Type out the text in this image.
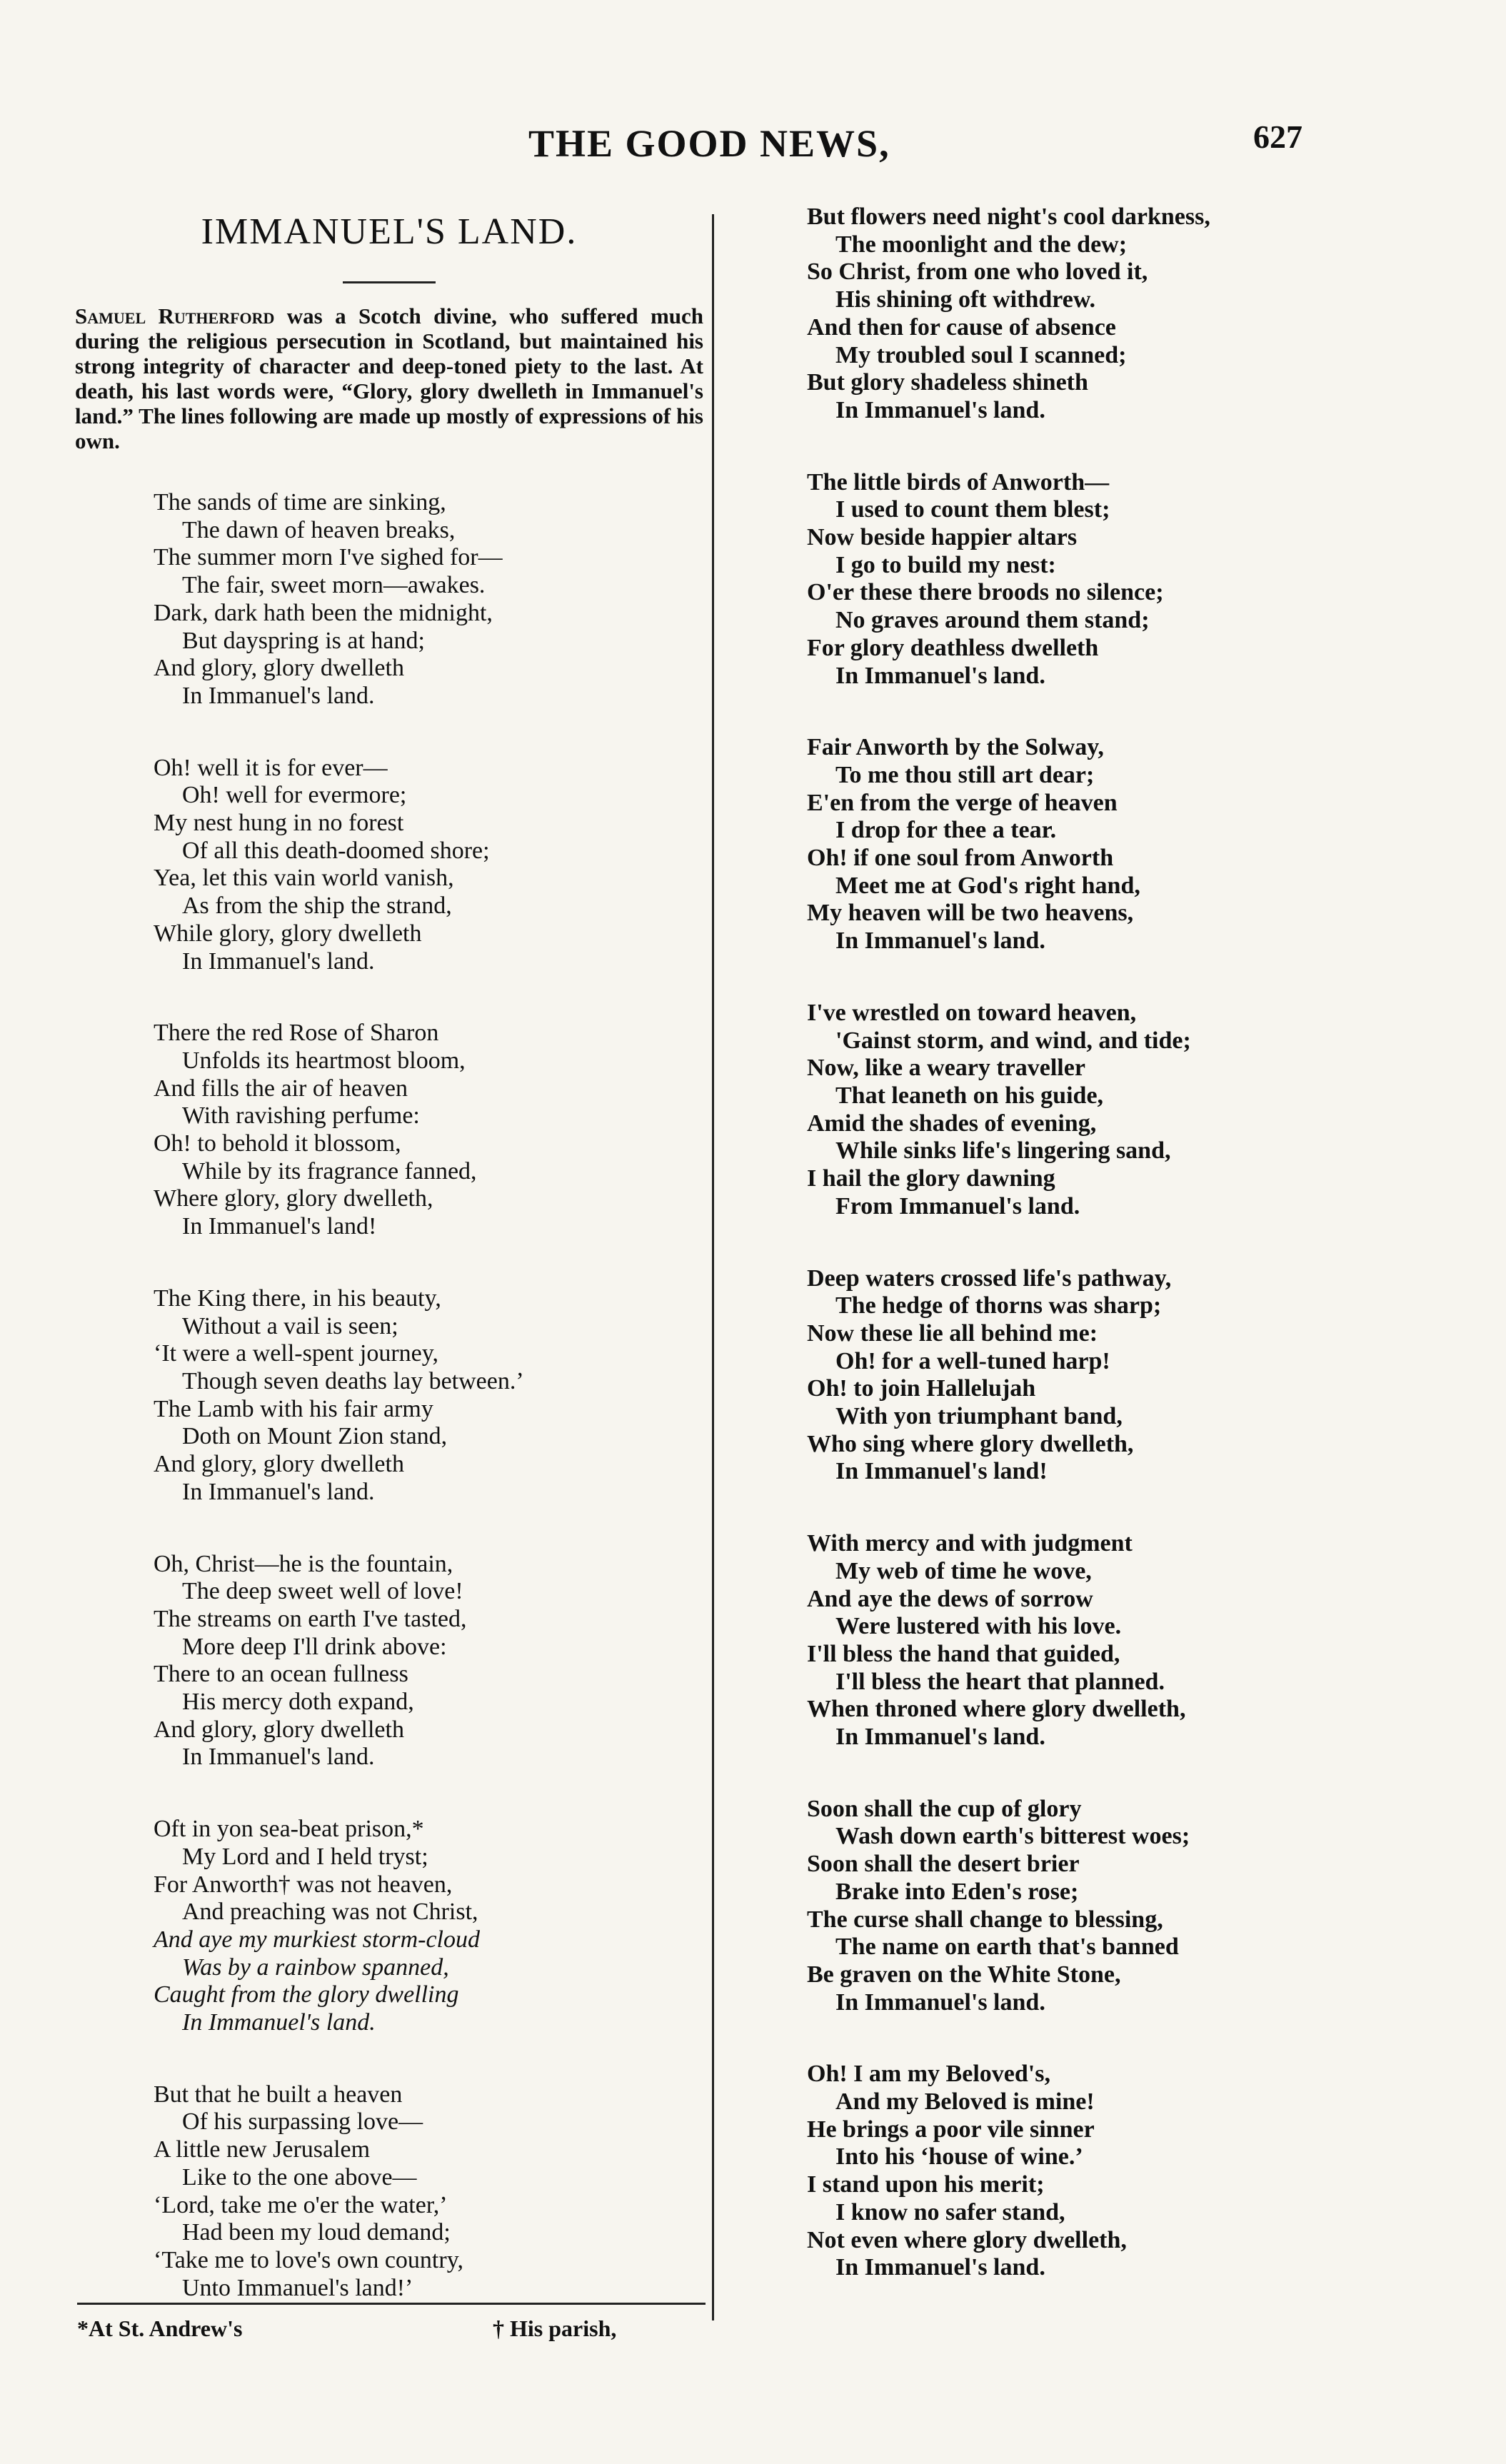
THE GOOD NEWS,	627
IMMANUEL'S LAND.

Samuel Rutherford was a Scotch divine, who suffered much during the religious persecution in Scotland, but maintained his strong integrity of character and deep-toned piety to the last. At death, his last words were, “Glory, glory dwelleth in Immanuel's land.” The lines following are made up mostly of expressions of his own.

The sands of time are sinking,
The dawn of heaven breaks,
The summer morn I've sighed for—
The fair, sweet morn—awakes.
Dark, dark hath been the midnight,
But dayspring is at hand;
And glory, glory dwelleth
In Immanuel's land.
Oh! well it is for ever—
Oh! well for evermore;
My nest hung in no forest
Of all this death-doomed shore;
Yea, let this vain world vanish,
As from the ship the strand,
While glory, glory dwelleth
In Immanuel's land.
There the red Rose of Sharon
Unfolds its heartmost bloom,
And fills the air of heaven
With ravishing perfume:
Oh! to behold it blossom,
While by its fragrance fanned,
Where glory, glory dwelleth,
In Immanuel's land!
The King there, in his beauty,
Without a vail is seen;
‘It were a well-spent journey,
Though seven deaths lay between.’
The Lamb with his fair army
Doth on Mount Zion stand,
And glory, glory dwelleth
In Immanuel's land.
Oh, Christ—he is the fountain,
The deep sweet well of love!
The streams on earth I've tasted,
More deep I'll drink above:
There to an ocean fullness
His mercy doth expand,
And glory, glory dwelleth
In Immanuel's land.
Oft in yon sea-beat prison,*
My Lord and I held tryst;
For Anworth† was not heaven,
And preaching was not Christ,
And aye my murkiest storm-cloud
Was by a rainbow spanned,
Caught from the glory dwelling
In Immanuel's land.
But that he built a heaven
Of his surpassing love—
A little new Jerusalem
Like to the one above—
‘Lord, take me o'er the water,’
Had been my loud demand;
‘Take me to love's own country,
Unto Immanuel's land!’
But flowers need night's cool darkness,
The moonlight and the dew;
So Christ, from one who loved it,
His shining oft withdrew.
And then for cause of absence
My troubled soul I scanned;
But glory shadeless shineth
In Immanuel's land.
The little birds of Anworth—
I used to count them blest;
Now beside happier altars
I go to build my nest:
O'er these there broods no silence;
No graves around them stand;
For glory deathless dwelleth
In Immanuel's land.
Fair Anworth by the Solway,
To me thou still art dear;
E'en from the verge of heaven
I drop for thee a tear.
Oh! if one soul from Anworth
Meet me at God's right hand,
My heaven will be two heavens,
In Immanuel's land.
I've wrestled on toward heaven,
'Gainst storm, and wind, and tide;
Now, like a weary traveller
That leaneth on his guide,
Amid the shades of evening,
While sinks life's lingering sand,
I hail the glory dawning
From Immanuel's land.
Deep waters crossed life's pathway,
The hedge of thorns was sharp;
Now these lie all behind me:
Oh! for a well-tuned harp!
Oh! to join Hallelujah
With yon triumphant band,
Who sing where glory dwelleth,
In Immanuel's land!
With mercy and with judgment
My web of time he wove,
And aye the dews of sorrow
Were lustered with his love.
I'll bless the hand that guided,
I'll bless the heart that planned.
When throned where glory dwelleth,
In Immanuel's land.
Soon shall the cup of glory
Wash down earth's bitterest woes;
Soon shall the desert brier
Brake into Eden's rose;
The curse shall change to blessing,
The name on earth that's banned
Be graven on the White Stone,
In Immanuel's land.
Oh! I am my Beloved's,
And my Beloved is mine!
He brings a poor vile sinner
Into his ‘house of wine.’
I stand upon his merit;
I know no safer stand,
Not even where glory dwelleth,
In Immanuel's land.
*At St. Andrew's	† His parish,
